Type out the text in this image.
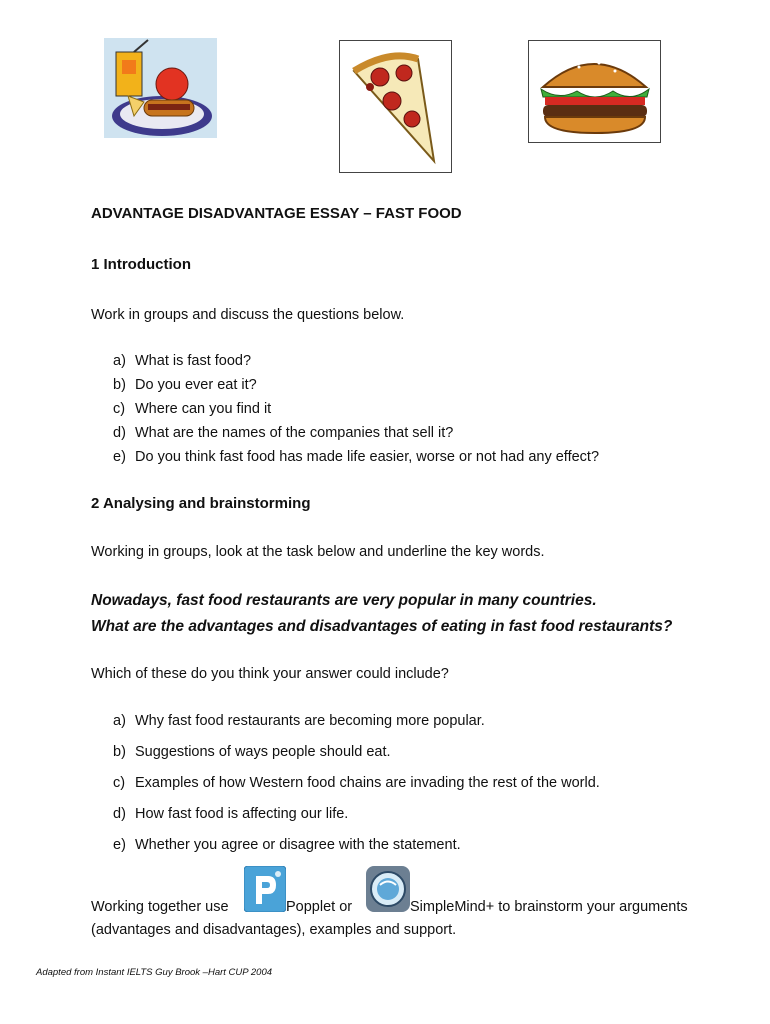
ADVANTAGE DISADVANTAGE ESSAY – FAST FOOD
1 Introduction
Work in groups and discuss the questions below.
a) What is fast food?
b) Do you ever eat it?
c) Where can you find it
d) What are the names of the companies that sell it?
e) Do you think fast food has made life easier, worse or not had any effect?
2 Analysing and brainstorming
Working in groups, look at the task below and underline the key words.
Nowadays, fast food restaurants are very popular in many countries.
What are the advantages and disadvantages of eating in fast food restaurants?
Which of these do you think your answer could include?
a) Why fast food restaurants are becoming more popular.
b) Suggestions of ways people should eat.
c) Examples of how Western food chains are invading the rest of the world.
d) How fast food is affecting our life.
e) Whether you agree or disagree with the statement.
Working together use	Popplet or	SimpleMind+ to brainstorm your arguments
(advantages and disadvantages), examples and support.
Adapted from Instant IELTS Guy Brook –Hart CUP 2004
